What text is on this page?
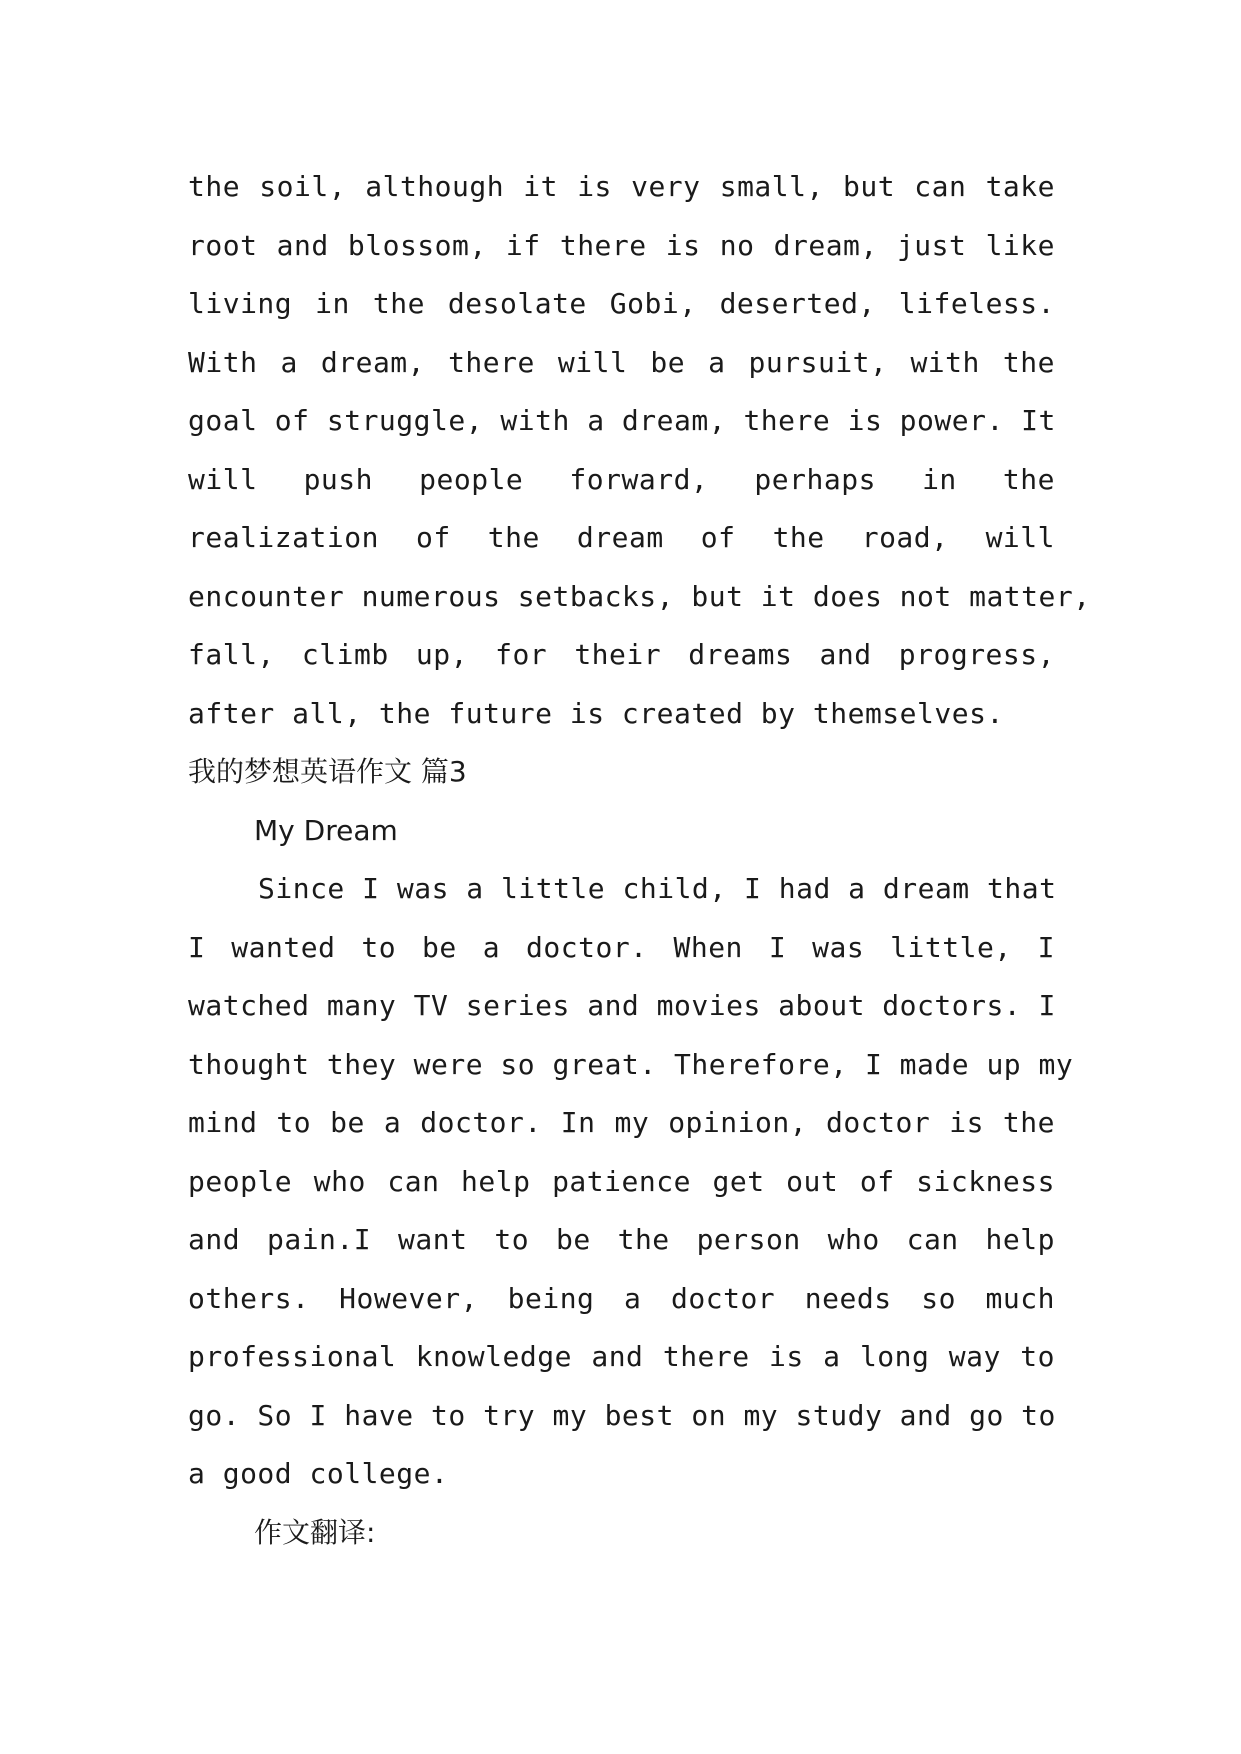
the soil, although it is very small, but can take
root and blossom, if there is no dream, just like
living in the desolate Gobi, deserted, lifeless.
With a dream, there will be a pursuit, with the
goal of struggle, with a dream, there is power. It
will push people forward, perhaps in the
realization of the dream of the road, will
encounter numerous setbacks, but it does not matter,
fall, climb up, for their dreams and progress,
after all, the future is created by themselves.
我的梦想英语作文 篇3
My Dream
Since I was a little child, I had a dream that
I wanted to be a doctor. When I was little, I
watched many TV series and movies about doctors. I
thought they were so great. Therefore, I made up my
mind to be a doctor. In my opinion, doctor is the
people who can help patience get out of sickness
and pain.I want to be the person who can help
others. However, being a doctor needs so much
professional knowledge and there is a long way to
go. So I have to try my best on my study and go to
a good college.
作文翻译:
